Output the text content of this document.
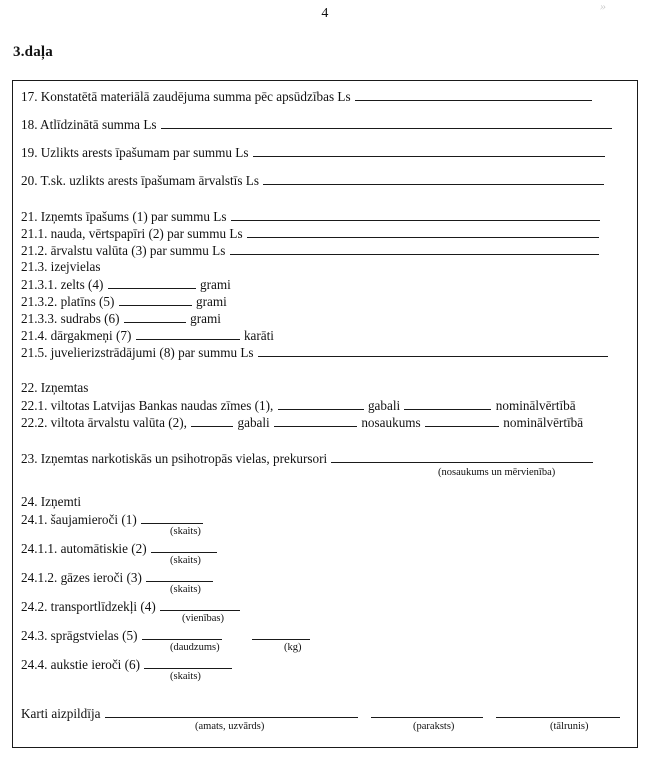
4	»
3.daļa
17. Konstatētā materiālā zaudējuma summa pēc apsūdzības Ls
18. Atlīdzinātā summa Ls
19. Uzlikts arests īpašumam par summu Ls
20. T.sk. uzlikts arests īpašumam ārvalstīs Ls
21. Izņemts īpašums (1) par summu Ls
21.1. nauda, vērtspapīri (2) par summu Ls
21.2. ārvalstu valūta (3) par summu Ls
21.3. izejvielas
21.3.1. zelts (4)	grami
21.3.2. platīns (5)	grami
21.3.3. sudrabs (6)	grami
21.4. dārgakmeņi (7)	karāti
21.5. juvelierizstrādājumi (8) par summu Ls
22. Izņemtas
22.1. viltotas Latvijas Bankas naudas zīmes (1),	gabali	nominālvērtībā
22.2. viltota ārvalstu valūta (2),	gabali	nosaukums	nominālvērtībā
23. Izņemtas narkotiskās un psihotropās vielas, prekursori
(nosaukums un mērvienība)
24. Izņemti
24.1. šaujamieroči (1)
(skaits)
24.1.1. automātiskie (2)
(skaits)
24.1.2. gāzes ieroči (3)
(skaits)
24.2. transportlīdzekļi (4)
(vienības)
24.3. sprāgstvielas (5)
(daudzums)	(kg)
24.4. aukstie ieroči (6)
(skaits)
Karti aizpildīja
(amats, uzvārds)	(paraksts)	(tālrunis)
